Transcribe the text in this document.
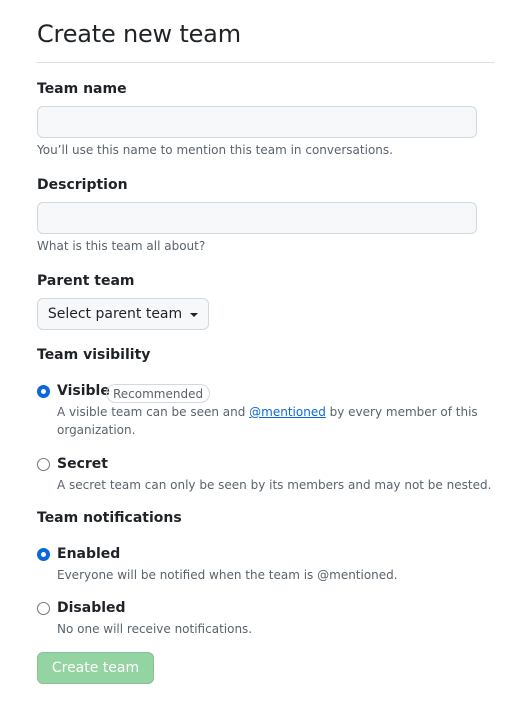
Create new team
Team name
You’ll use this name to mention this team in conversations.
Description
What is this team all about?
Parent team
Select parent team
Team visibility
Visible Recommended
A visible team can be seen and @mentioned by every member of this
organization.
Secret
A secret team can only be seen by its members and may not be nested.
Team notifications
Enabled
Everyone will be notified when the team is @mentioned.
Disabled
No one will receive notifications.
Create team
